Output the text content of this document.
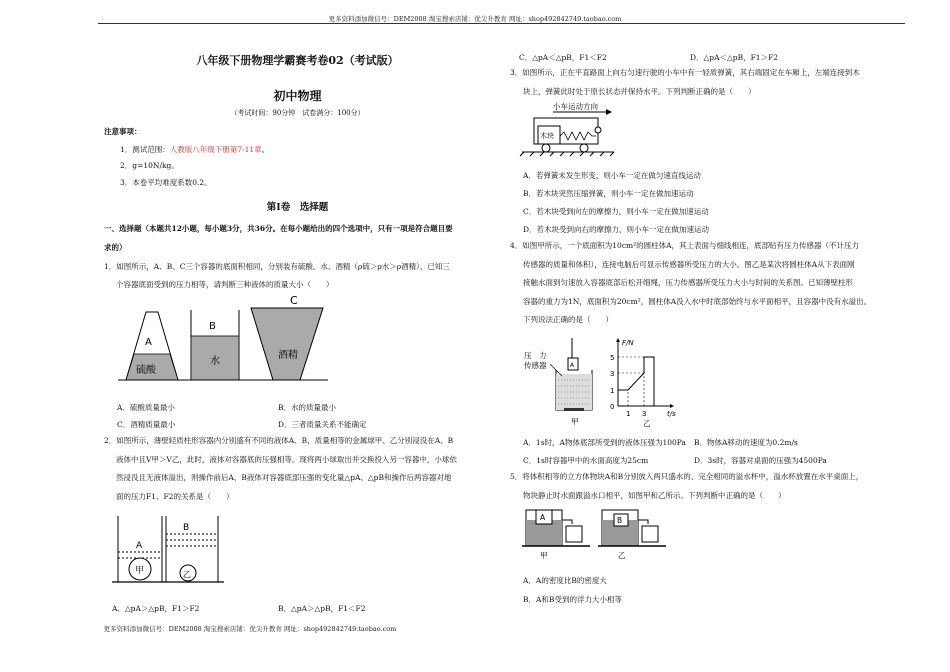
更多资料添加微信号：DEM2008 淘宝搜索店铺：优尖升教育 网址：shop492842749.taobao.com
更多资料添加微信号：DEM2008 淘宝搜索店铺：优尖升教育 网址：shop492842749.taobao.com
八年级下册物理学霸赛考卷02（考试版）
初中物理
（考试时间：90分钟　试卷满分：100分）
注意事项：
1．测试范围：人教版八年级下册第7-11章。
2．g=10N/kg。
3．本卷平均难度系数0.2。
第Ⅰ卷　选择题
一、选择题（本题共12小题，每小题3分，共36分。在每小题给出的四个选项中，只有一项是符合题目要
求的）
1．如图所示，A、B、C三个容器的底面积相同，分别装有硫酸、水、酒精（ρ硫＞ρ水＞ρ酒精），已知三
个容器底面受到的压力相等，请判断三种液体的质量大小（　　）
A
硫酸
B
水
C
酒精
A．硫酸质量最小	B．水的质量最小
C．酒精质量最小	D．三者质量关系不能确定
2．如图所示，薄壁轻质柱形容器内分别盛有不同的液体A、B，质量相等的金属球甲、乙分别浸没在A、B
液体中且V甲＞V乙，此时，液体对容器底的压强相等。现将两小球取出并交换投入另一容器中，小球依
然浸没且无液体溢出，则操作前后A、B液体对容器底部压强的变化量△pA、△pB和操作后两容器对地
面的压力F1、F2的关系是（　　）
A
B
甲	乙
A．△pA＞△pB，F1＞F2	B．△pA＞△pB，F1＜F2
C．△pA＜△pB，F1＜F2	D．△pA＜△pB，F1＞F2
3．如图所示，正在平直路面上向右匀速行驶的小车中有一轻质弹簧，其右端固定在车厢上，左端连接到木
块上，弹簧此时处于原长状态并保持水平。下列判断正确的是（　　）
小车运动方向
木块
A．若弹簧未发生形变，则小车一定在做匀速直线运动
B．若木块突然压缩弹簧，则小车一定在做加速运动
C．若木块受到向左的摩擦力，则小车一定在做加速运动
D．若木块受到向右的摩擦力，则小车一定在做加速运动
4．如图甲所示，一个底面积为10cm²的圆柱体A，其上表面与细线相连，底部贴有压力传感器（不计压力
传感器的质量和体积），连接电脑后可显示传感器所受压力的大小。图乙是某次将圆柱体A从下表面刚
接触水面到匀速放入容器底部后松开细绳，压力传感器所受压力大小与时间的关系图。已知薄壁柱形
容器的重力为1N，底面积为20cm²，圆柱体A没入水中时底部始终与水平面相平，且容器中没有水溢出。
下列说法正确的是（　　）
压　力
传感器	A
甲
F/N
t/s
5
3
1
0
1 3
乙
A．1s时，A物体底部所受到的液体压强为100Pa B．物体A移动的速度为0.2m/s
C．1s时容器甲中的水面高度为25cm	D．3s时，容器对桌面的压强为4500Pa
5．将体积相等的立方体物块A和B分别放入两只盛水的、完全相同的溢水杯中，溢水杯放置在水平桌面上，
物块静止时水面跟溢水口相平，如图甲和乙所示。下列判断中正确的是（　　）
A
甲
B
乙
A．A的密度比B的密度大
B．A和B受到的浮力大小相等
